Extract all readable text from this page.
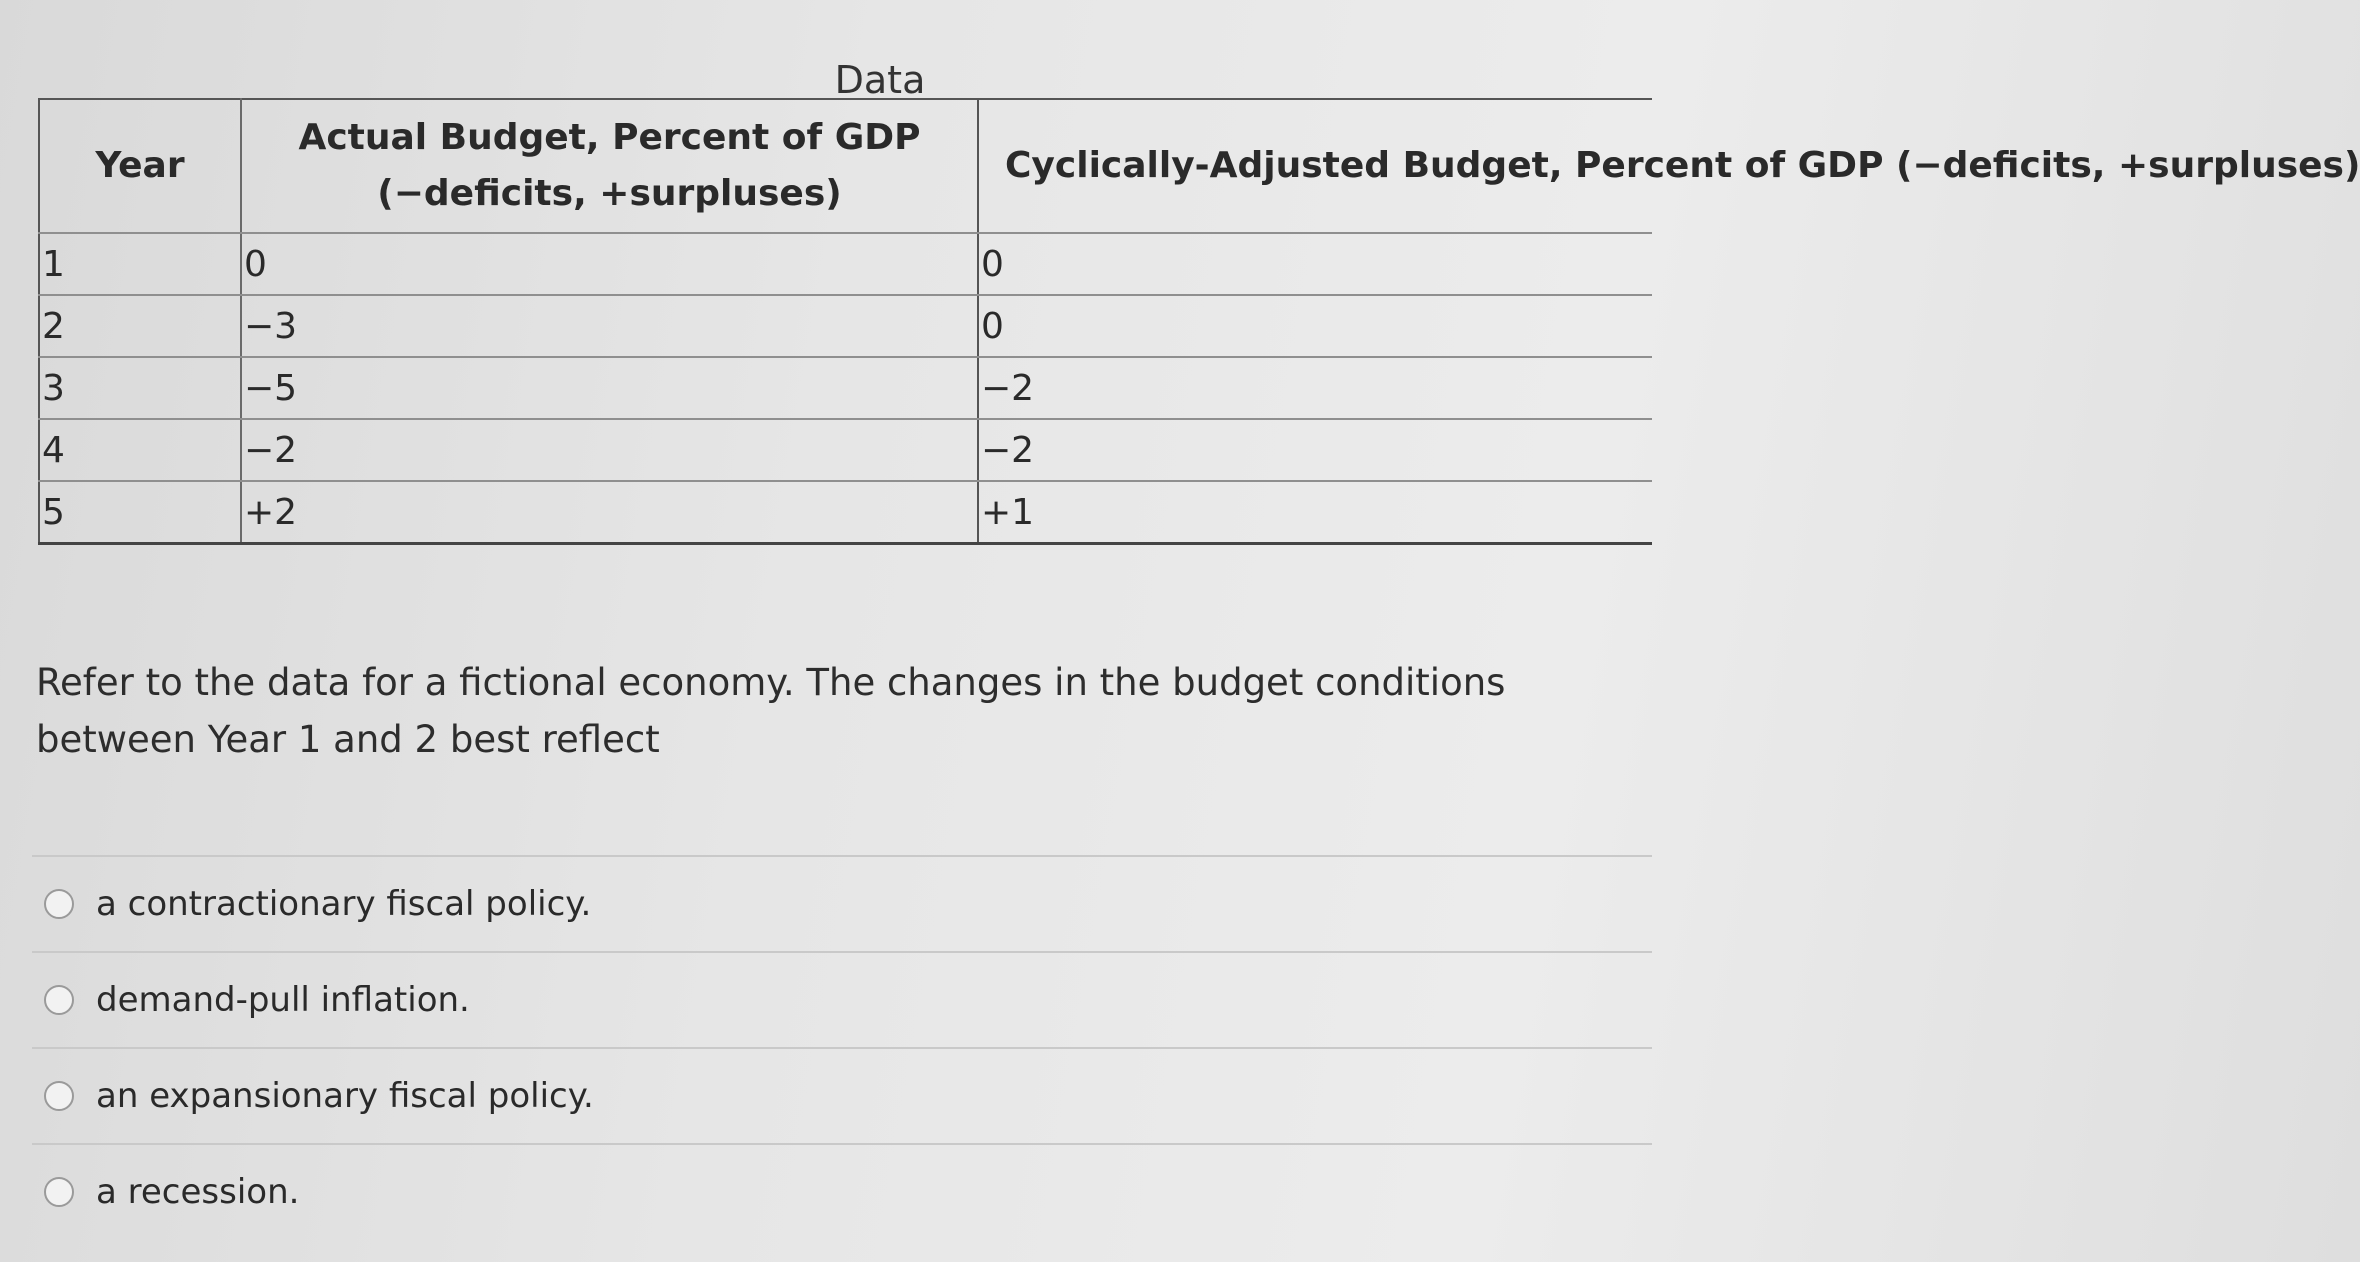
Data
Year	Actual Budget, Percent of GDP (−deficits, +surpluses)	Cyclically-Adjusted Budget, Percent of GDP (−deficits, +surpluses)

1	0	0
2	−3	0
3	−5	−2
4	−2	−2
5	+2	+1
Refer to the data for a fictional economy. The changes in the budget conditions between Year 1 and 2 best reflect
a contractionary fiscal policy.
demand-pull inflation.
an expansionary fiscal policy.
a recession.
